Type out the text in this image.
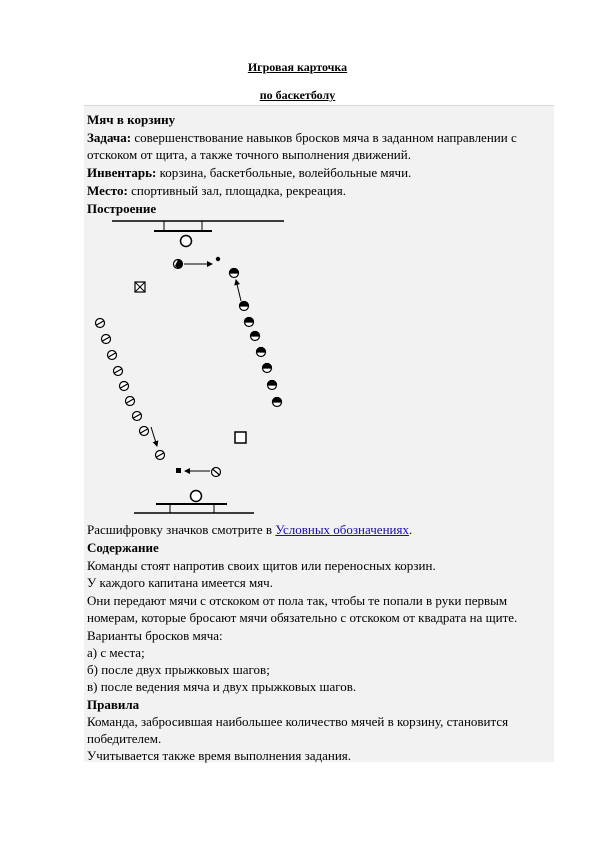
Игровая карточка
по баскетболу
Мяч в корзину
Задача: совершенствование навыков бросков мяча в заданном направлении с
отскоком от щита, а также точного выполнения движений.
Инвентарь: корзина, баскетбольные, волейбольные мячи.
Место: спортивный зал, площадка, рекреация.
Построение
Расшифровку значков смотрите в Условных обозначениях.
Содержание
Команды стоят напротив своих щитов или переносных корзин.
У каждого капитана имеется мяч.
Они передают мячи с отскоком от пола так, чтобы те попали в руки первым
номерам, которые бросают мячи обязательно с отскоком от квадрата на щите.
Варианты бросков мяча:
а) с места;
б) после двух прыжковых шагов;
в) после ведения мяча и двух прыжковых шагов.
Правила
Команда, забросившая наибольшее количество мячей в корзину, становится
победителем.
Учитывается также время выполнения задания.
